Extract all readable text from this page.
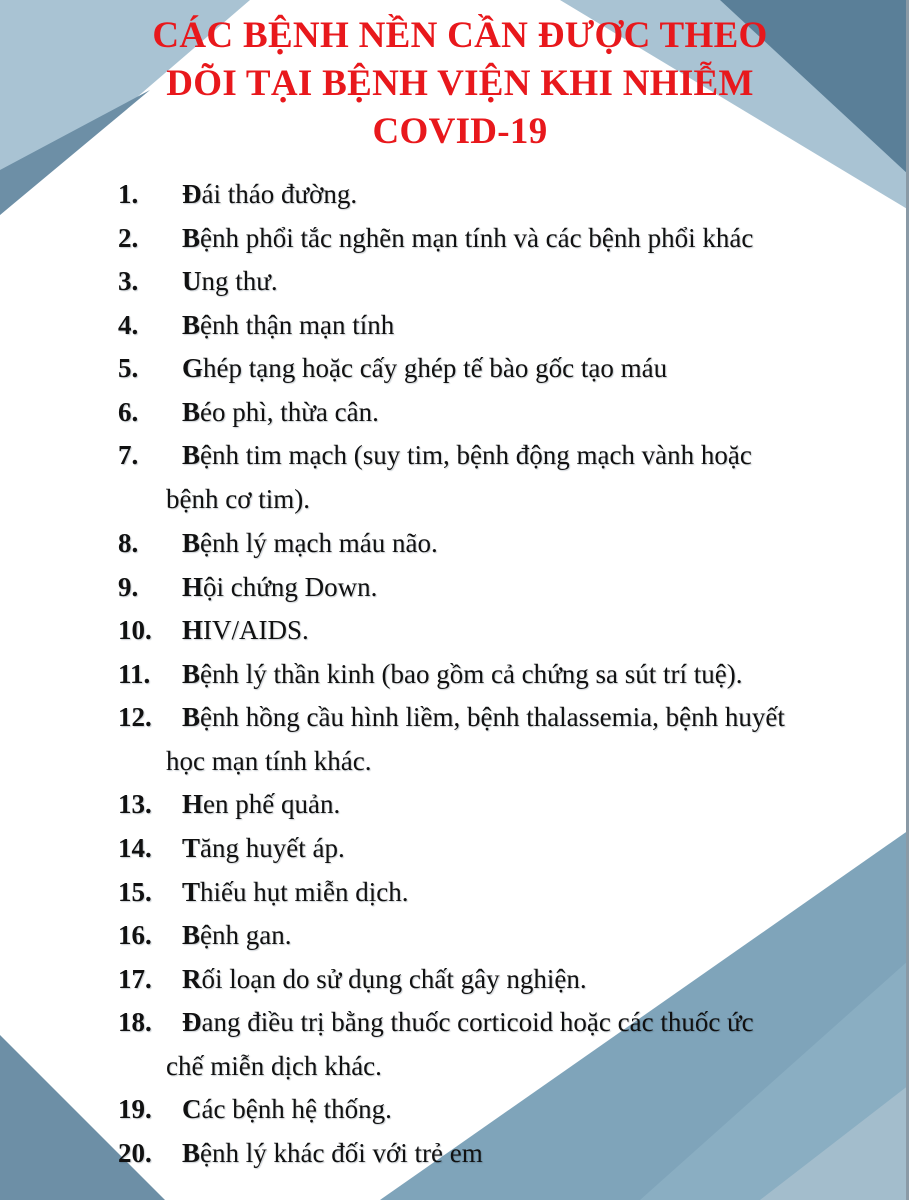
CÁC BỆNH NỀN CẦN ĐƯỢC THEO
DÕI TẠI BỆNH VIỆN KHI NHIỄM
COVID-19
1. Đái tháo đường.
2. Bệnh phổi tắc nghẽn mạn tính và các bệnh phổi khác
3. Ung thư.
4. Bệnh thận mạn tính
5. Ghép tạng hoặc cấy ghép tế bào gốc tạo máu
6. Béo phì, thừa cân.
7. Bệnh tim mạch (suy tim, bệnh động mạch vành hoặc
bệnh cơ tim).
8. Bệnh lý mạch máu não.
9. Hội chứng Down.
10. HIV/AIDS.
11. Bệnh lý thần kinh (bao gồm cả chứng sa sút trí tuệ).
12. Bệnh hồng cầu hình liềm, bệnh thalassemia, bệnh huyết
học mạn tính khác.
13. Hen phế quản.
14. Tăng huyết áp.
15. Thiếu hụt miễn dịch.
16. Bệnh gan.
17. Rối loạn do sử dụng chất gây nghiện.
18. Đang điều trị bằng thuốc corticoid hoặc các thuốc ức
chế miễn dịch khác.
19. Các bệnh hệ thống.
20. Bệnh lý khác đối với trẻ em
